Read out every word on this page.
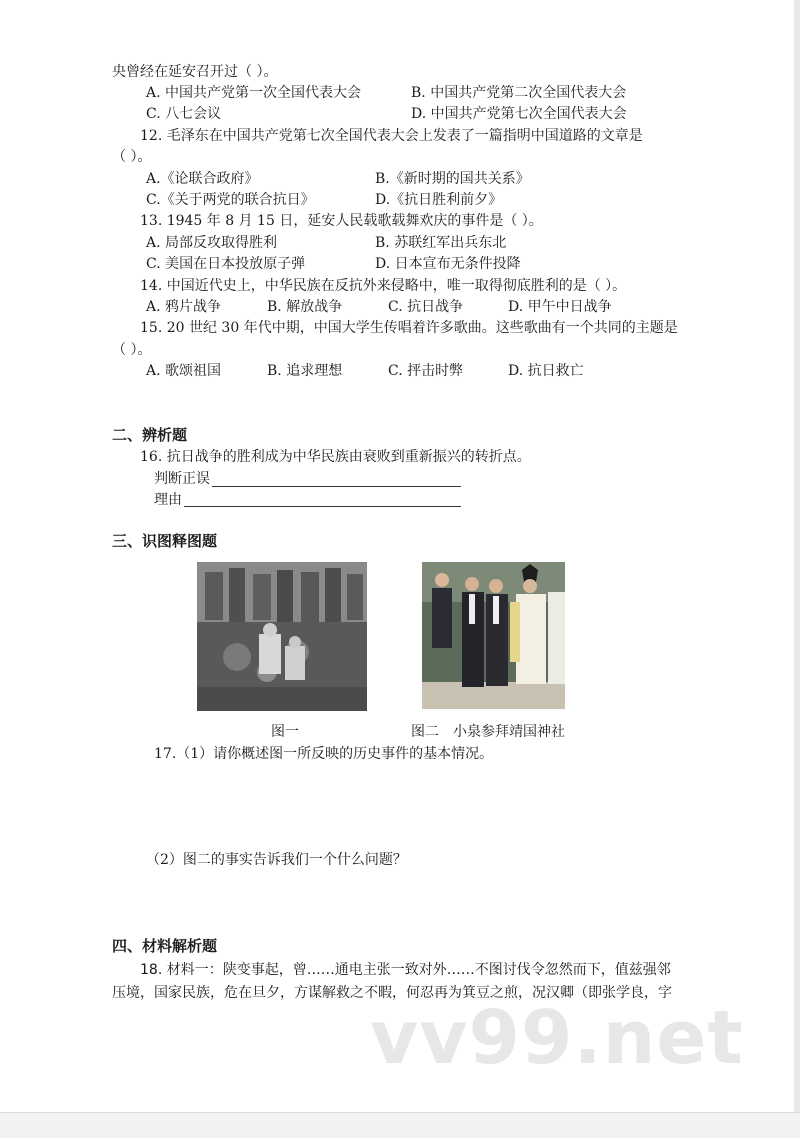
央曾经在延安召开过（ ）。
A. 中国共产党第一次全国代表大会	B. 中国共产党第二次全国代表大会
C. 八七会议	D. 中国共产党第七次全国代表大会
12. 毛泽东在中国共产党第七次全国代表大会上发表了一篇指明中国道路的文章是
（ ）。
A.《论联合政府》	B.《新时期的国共关系》
C.《关于两党的联合抗日》	D.《抗日胜利前夕》
13. 1945 年 8 月 15 日，延安人民载歌载舞欢庆的事件是（ ）。
A. 局部反攻取得胜利	B. 苏联红军出兵东北
C. 美国在日本投放原子弹	D. 日本宣布无条件投降
14. 中国近代史上，中华民族在反抗外来侵略中，唯一取得彻底胜利的是（ ）。
A. 鸦片战争	B. 解放战争	C. 抗日战争	D. 甲午中日战争
15. 20 世纪 30 年代中期，中国大学生传唱着许多歌曲。这些歌曲有一个共同的主题是
（ ）。
A. 歌颂祖国	B. 追求理想	C. 抨击时弊	D. 抗日救亡
二、辨析题
16. 抗日战争的胜利成为中华民族由衰败到重新振兴的转折点。
判断正误
理由
三、识图释图题
图一	图二　小泉参拜靖国神社
17.（1）请你概述图一所反映的历史事件的基本情况。
（2）图二的事实告诉我们一个什么问题？
四、材料解析题
18. 材料一：陕变事起，曾……通电主张一致对外……不图讨伐令忽然而下，值兹强邻
压境，国家民族，危在旦夕，方谋解救之不暇，何忍再为箕豆之煎，况汉卿（即张学良，字
vv99.net
